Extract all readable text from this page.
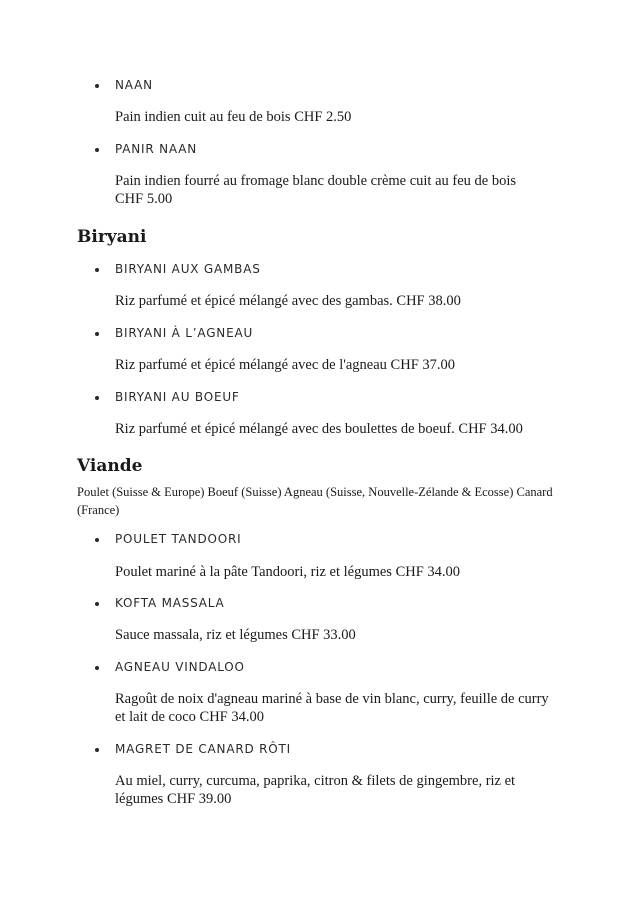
NAAN
Pain indien cuit au feu de bois CHF 2.50
PANIR NAAN
Pain indien fourré au fromage blanc double crème cuit au feu de bois CHF 5.00
Biryani
BIRYANI AUX GAMBAS
Riz parfumé et épicé mélangé avec des gambas. CHF 38.00
BIRYANI À L’AGNEAU
Riz parfumé et épicé mélangé avec de l'agneau CHF 37.00
BIRYANI AU BOEUF
Riz parfumé et épicé mélangé avec des boulettes de boeuf. CHF 34.00
Viande
Poulet (Suisse & Europe) Boeuf (Suisse) Agneau (Suisse, Nouvelle-Zélande & Ecosse) Canard (France)
POULET TANDOORI
Poulet mariné à la pâte Tandoori, riz et légumes CHF 34.00
KOFTA MASSALA
Sauce massala, riz et légumes CHF 33.00
AGNEAU VINDALOO
Ragoût de noix d'agneau mariné à base de vin blanc, curry, feuille de curry et lait de coco CHF 34.00
MAGRET DE CANARD RÔTI
Au miel, curry, curcuma, paprika, citron & filets de gingembre, riz et légumes CHF 39.00
